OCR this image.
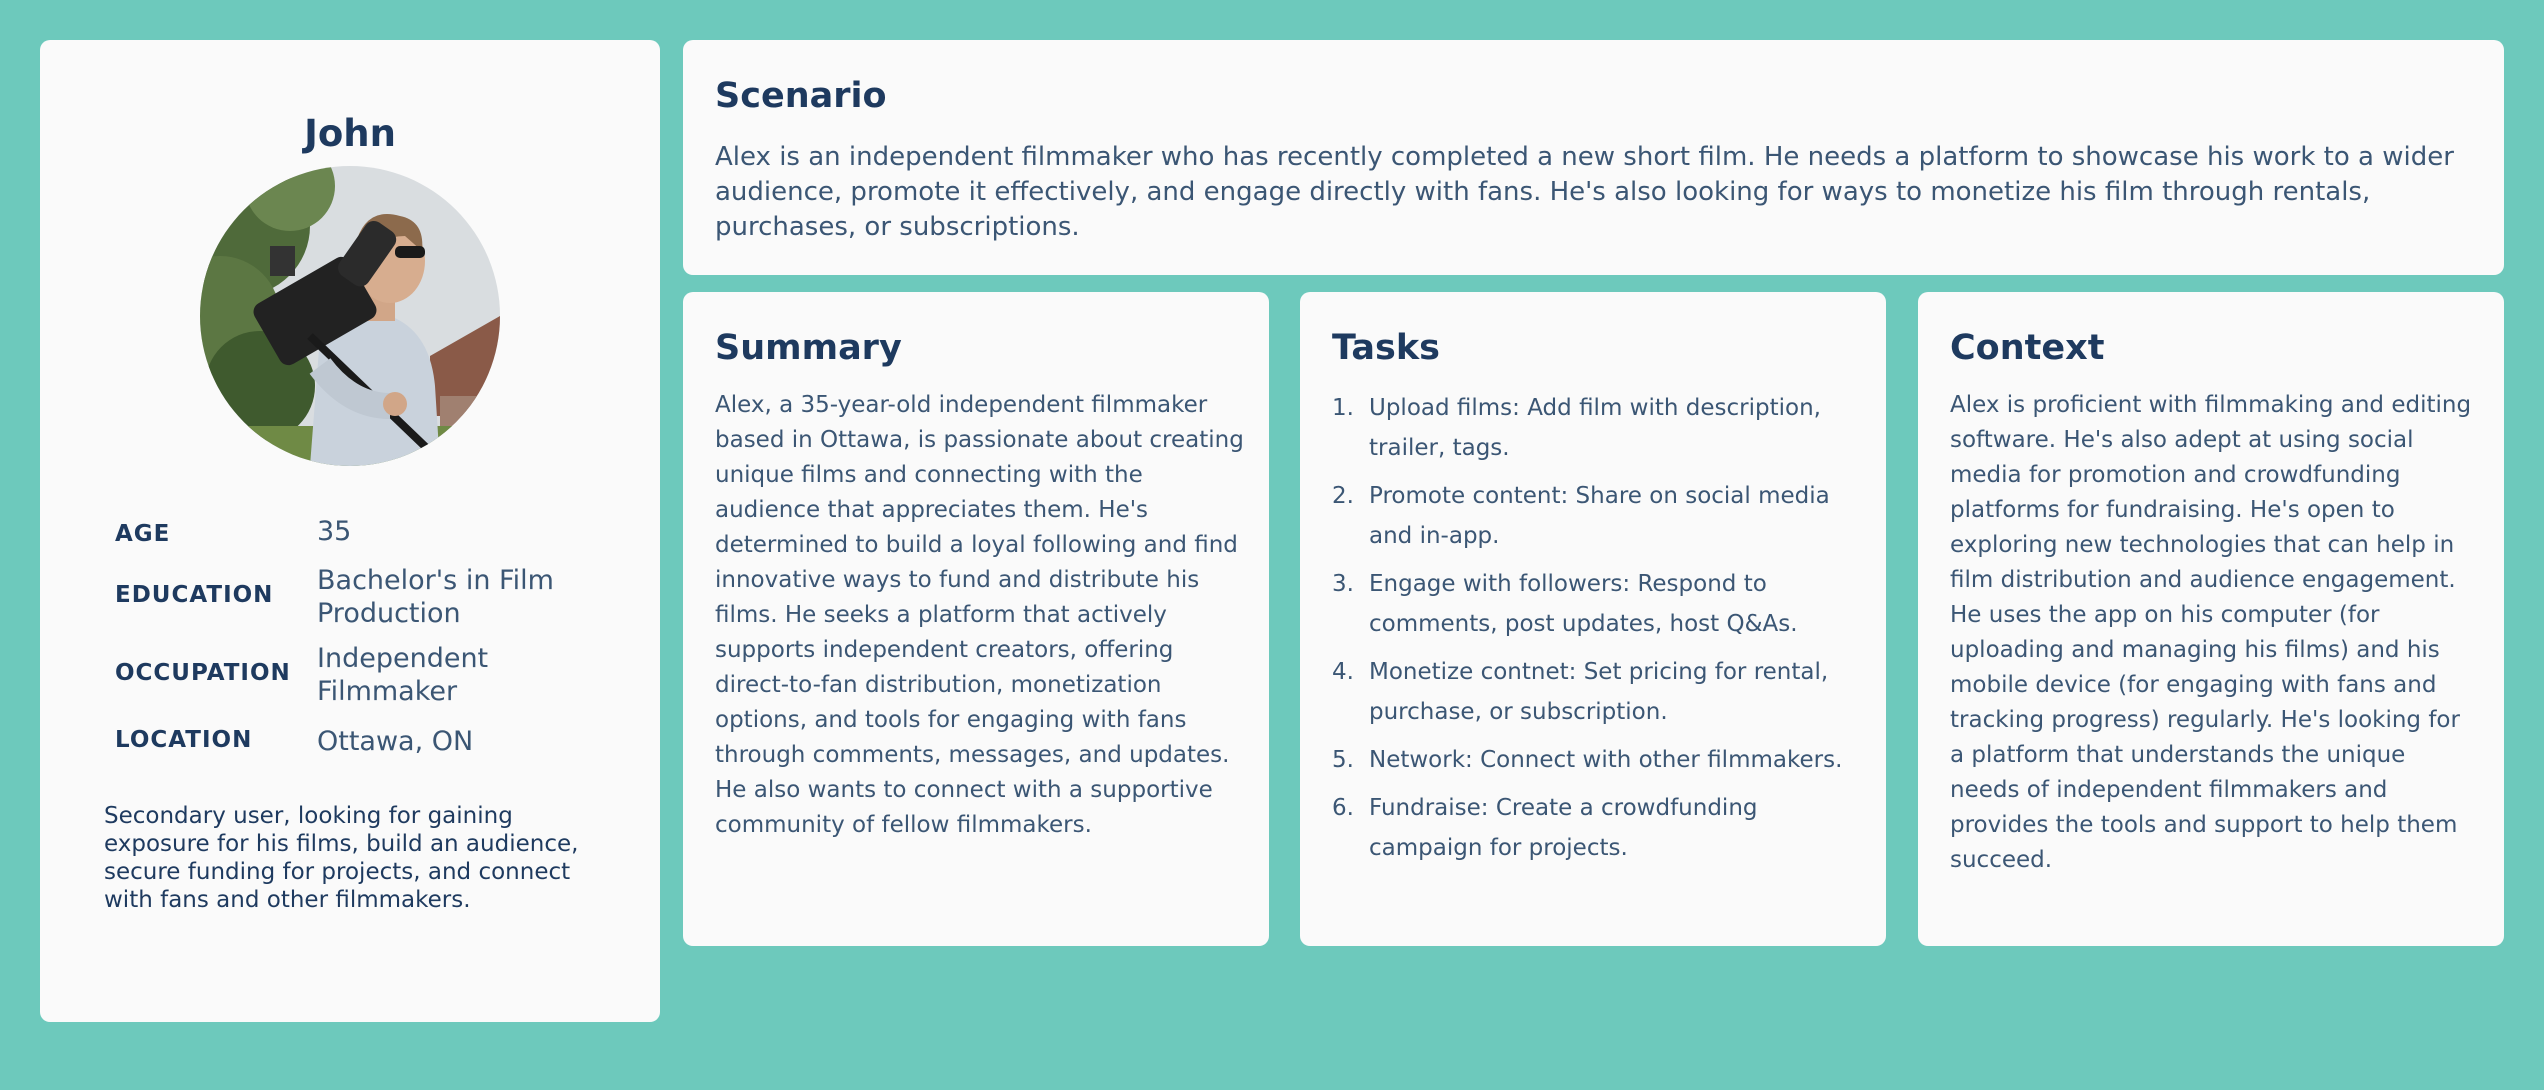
John
AGE	35
EDUCATION Bachelor's in Film Production
OCCUPATION Independent Filmmaker
LOCATION Ottawa, ON
Secondary user, looking for gaining exposure for his films, build an audience, secure funding for projects, and connect with fans and other filmmakers.
Scenario
Alex is an independent filmmaker who has recently completed a new short film. He needs a platform to showcase his work to a wider audience, promote it effectively, and engage directly with fans. He's also looking for ways to monetize his film through rentals, purchases, or subscriptions.
Summary
Alex, a 35-year-old independent filmmaker based in Ottawa, is passionate about creating unique films and connecting with the audience that appreciates them. He's determined to build a loyal following and find innovative ways to fund and distribute his films. He seeks a platform that actively supports independent creators, offering direct-to-fan distribution, monetization options, and tools for engaging with fans through comments, messages, and updates. He also wants to connect with a supportive community of fellow filmmakers.
Tasks
1. Upload films: Add film with description, trailer, tags.
2. Promote content: Share on social media and in-app.
3. Engage with followers: Respond to comments, post updates, host Q&As.
4. Monetize contnet: Set pricing for rental, purchase, or subscription.
5. Network: Connect with other filmmakers.
6. Fundraise: Create a crowdfunding campaign for projects.
Context
Alex is proficient with filmmaking and editing software. He's also adept at using social media for promotion and crowdfunding platforms for fundraising. He's open to exploring new technologies that can help in film distribution and audience engagement. He uses the app on his computer (for uploading and managing his films) and his mobile device (for engaging with fans and tracking progress) regularly. He's looking for a platform that understands the unique needs of independent filmmakers and provides the tools and support to help them succeed.
